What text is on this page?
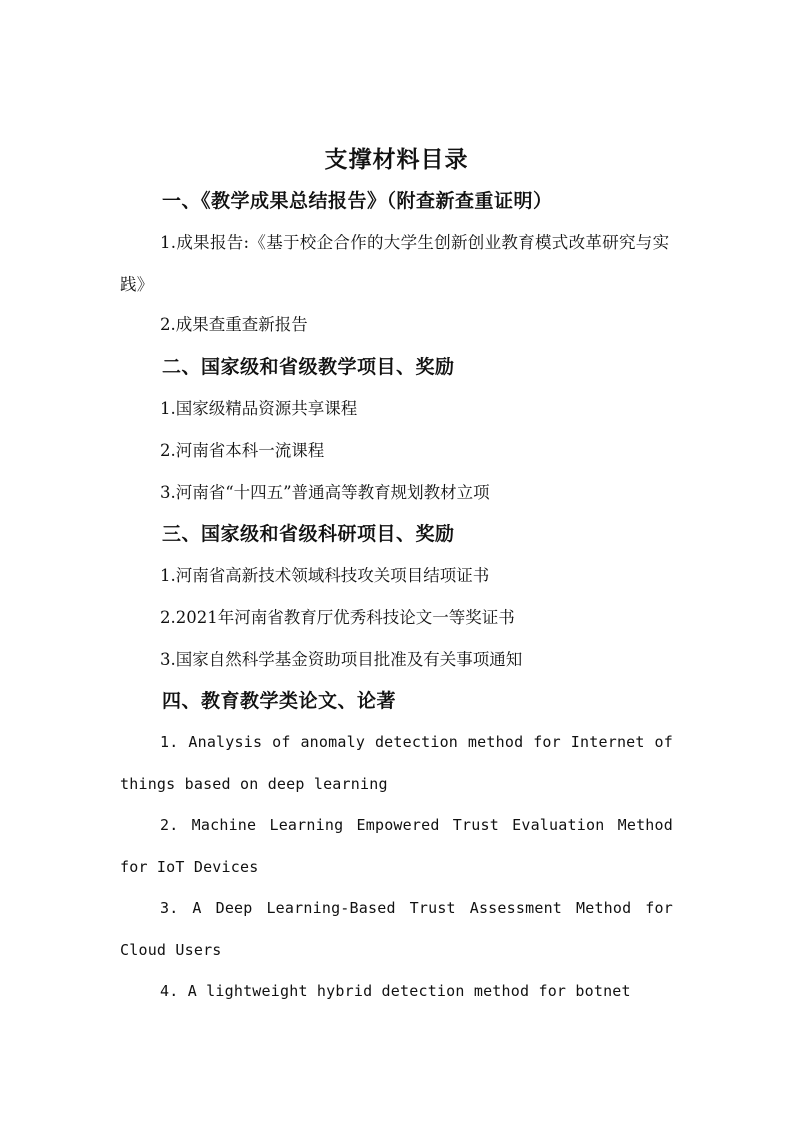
支撑材料目录
一、《教学成果总结报告》（附查新查重证明）
1.成果报告:《基于校企合作的大学生创新创业教育模式改革研究与实践》
2.成果查重查新报告
二、国家级和省级教学项目、奖励
1.国家级精品资源共享课程
2.河南省本科一流课程
3.河南省“十四五”普通高等教育规划教材立项
三、国家级和省级科研项目、奖励
1.河南省高新技术领域科技攻关项目结项证书
2.2021年河南省教育厅优秀科技论文一等奖证书
3.国家自然科学基金资助项目批准及有关事项通知
四、教育教学类论文、论著
1. Analysis of anomaly detection method for Internet of things based on deep learning
2. Machine Learning Empowered Trust Evaluation Method for IoT Devices
3. A Deep Learning-Based Trust Assessment Method for Cloud Users
4. A lightweight hybrid detection method for botnet
